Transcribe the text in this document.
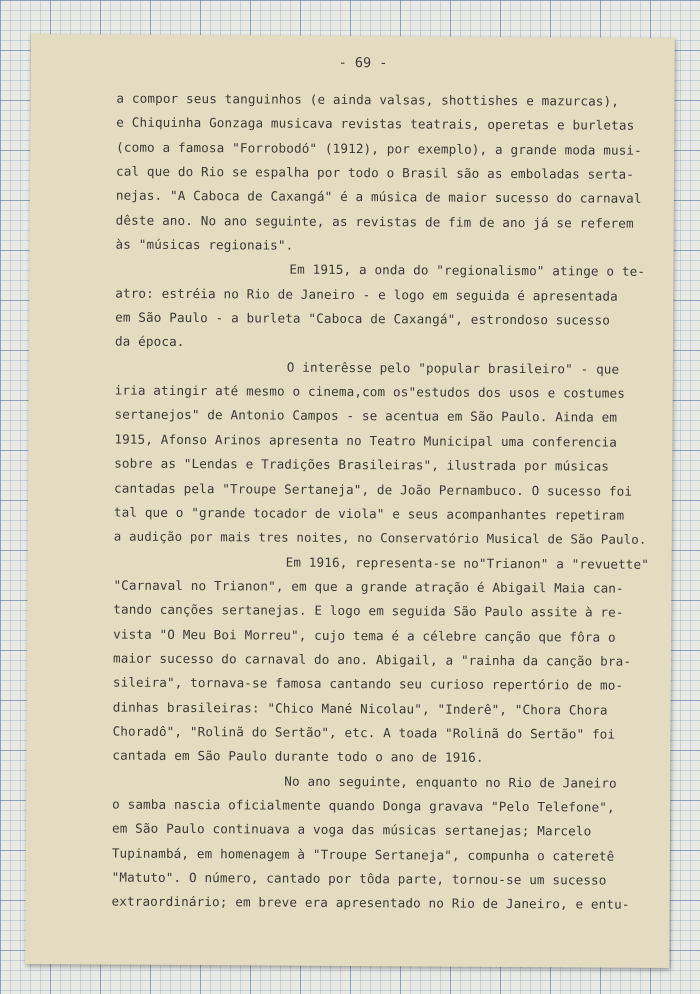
- 69 -
a compor seus tanguinhos (e ainda valsas, shottishes e mazurcas),
e Chiquinha Gonzaga musicava revistas teatrais, operetas e burletas
(como a famosa "Forrobodó" (1912), por exemplo), a grande moda musi-
cal que do Rio se espalha por todo o Brasil são as emboladas serta-
nejas. "A Caboca de Caxangá" é a música de maior sucesso do carnaval
dêste ano. No ano seguinte, as revistas de fim de ano já se referem
às "músicas regionais".
Em 1915, a onda do "regionalismo" atinge o te-
atro: estréia no Rio de Janeiro - e logo em seguida é apresentada
em São Paulo - a burleta "Caboca de Caxangá", estrondoso sucesso
da época.
O interêsse pelo "popular brasileiro" - que
iria atingir até mesmo o cinema,com os"estudos dos usos e costumes
sertanejos" de Antonio Campos - se acentua em São Paulo. Ainda em
1915, Afonso Arinos apresenta no Teatro Municipal uma conferencia
sobre as "Lendas e Tradições Brasileiras", ilustrada por músicas
cantadas pela "Troupe Sertaneja", de João Pernambuco. O sucesso foi
tal que o "grande tocador de viola" e seus acompanhantes repetiram
a audição por mais tres noites, no Conservatório Musical de São Paulo.
Em 1916, representa-se no"Trianon" a "revuette"
"Carnaval no Trianon", em que a grande atração é Abigail Maia can-
tando canções sertanejas. E logo em seguida São Paulo assite à re-
vista "O Meu Boi Morreu", cujo tema é a célebre canção que fôra o
maior sucesso do carnaval do ano. Abigail, a "rainha da canção bra-
sileira", tornava-se famosa cantando seu curioso repertório de mo-
dinhas brasileiras: "Chico Mané Nicolau", "Inderê", "Chora Chora
Choradô", "Rolinã do Sertão", etc. A toada "Rolinã do Sertão" foi
cantada em São Paulo durante todo o ano de 1916.
No ano seguinte, enquanto no Rio de Janeiro
o samba nascia oficialmente quando Donga gravava "Pelo Telefone",
em São Paulo continuava a voga das músicas sertanejas; Marcelo
Tupinambá, em homenagem à "Troupe Sertaneja", compunha o cateretê
"Matuto". O número, cantado por tôda parte, tornou-se um sucesso
extraordinário; em breve era apresentado no Rio de Janeiro, e entu-
